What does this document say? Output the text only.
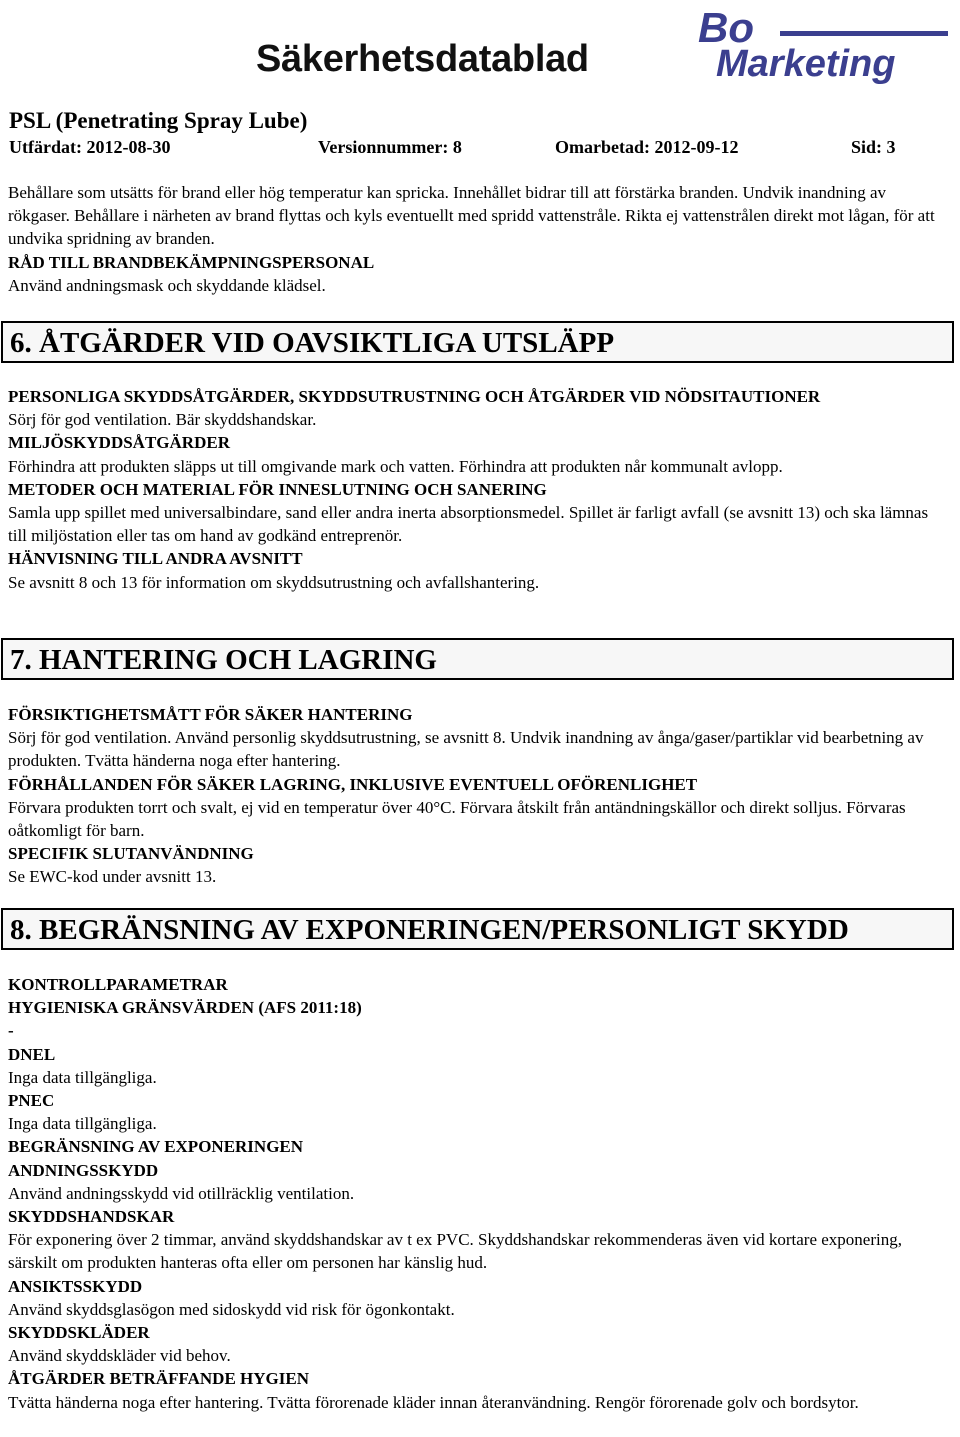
Säkerhetsdatablad
Bo
Marketing
PSL (Penetrating Spray Lube)
Utfärdat: 2012-08-30	Versionnummer: 8	Omarbetad: 2012-09-12	Sid: 3

Behållare som utsätts för brand eller hög temperatur kan spricka. Innehållet bidrar till att förstärka branden. Undvik inandning av rökgaser. Behållare i närheten av brand flyttas och kyls eventuellt med spridd vattenstråle. Rikta ej vattenstrålen direkt mot lågan, för att undvika spridning av branden.

RÅD TILL BRANDBEKÄMPNINGSPERSONAL

Använd andningsmask och skyddande klädsel.

6. ÅTGÄRDER VID OAVSIKTLIGA UTSLÄPP

PERSONLIGA SKYDDSÅTGÄRDER, SKYDDSUTRUSTNING OCH ÅTGÄRDER VID NÖDSITAUTIONER

Sörj för god ventilation. Bär skyddshandskar.

MILJÖSKYDDSÅTGÄRDER

Förhindra att produkten släpps ut till omgivande mark och vatten. Förhindra att produkten når kommunalt avlopp.

METODER OCH MATERIAL FÖR INNESLUTNING OCH SANERING

Samla upp spillet med universalbindare, sand eller andra inerta absorptionsmedel. Spillet är farligt avfall (se avsnitt 13) och ska lämnas till miljöstation eller tas om hand av godkänd entreprenör.

HÄNVISNING TILL ANDRA AVSNITT

Se avsnitt 8 och 13 för information om skyddsutrustning och avfallshantering.

7. HANTERING OCH LAGRING

FÖRSIKTIGHETSMÅTT FÖR SÄKER HANTERING

Sörj för god ventilation. Använd personlig skyddsutrustning, se avsnitt 8. Undvik inandning av ånga/gaser/partiklar vid bearbetning av produkten. Tvätta händerna noga efter hantering.

FÖRHÅLLANDEN FÖR SÄKER LAGRING, INKLUSIVE EVENTUELL OFÖRENLIGHET

Förvara produkten torrt och svalt, ej vid en temperatur över 40°C. Förvara åtskilt från antändningskällor och direkt solljus. Förvaras oåtkomligt för barn.

SPECIFIK SLUTANVÄNDNING

Se EWC-kod under avsnitt 13.

8. BEGRÄNSNING AV EXPONERINGEN/PERSONLIGT SKYDD

KONTROLLPARAMETRAR

HYGIENISKA GRÄNSVÄRDEN (AFS 2011:18)

-

DNEL

Inga data tillgängliga.

PNEC

Inga data tillgängliga.

BEGRÄNSNING AV EXPONERINGEN

ANDNINGSSKYDD

Använd andningsskydd vid otillräcklig ventilation.

SKYDDSHANDSKAR

För exponering över 2 timmar, använd skyddshandskar av t ex PVC. Skyddshandskar rekommenderas även vid kortare exponering, särskilt om produkten hanteras ofta eller om personen har känslig hud.

ANSIKTSSKYDD

Använd skyddsglasögon med sidoskydd vid risk för ögonkontakt.

SKYDDSKLÄDER

Använd skyddskläder vid behov.

ÅTGÄRDER BETRÄFFANDE HYGIEN

Tvätta händerna noga efter hantering. Tvätta förorenade kläder innan återanvändning. Rengör förorenade golv och bordsytor.
